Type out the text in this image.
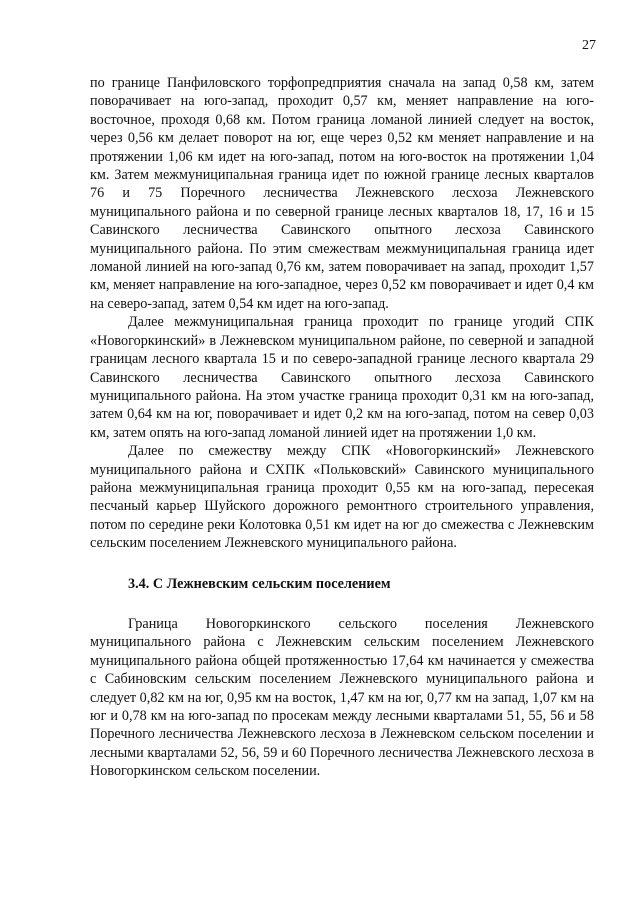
27

по границе Панфиловского торфопредприятия сначала на запад 0,58 км, затем поворачивает на юго-запад, проходит 0,57 км, меняет направление на юго-восточное, проходя 0,68 км. Потом граница ломаной линией следует на восток, через 0,56 км делает поворот на юг, еще через 0,52 км меняет направление и на протяжении 1,06 км идет на юго-запад, потом на юго-восток на протяжении 1,04 км. Затем межмуниципальная граница идет по южной границе лесных кварталов 76 и 75 Поречного лесничества Лежневского лесхоза Лежневского муниципального района и по северной границе лесных кварталов 18, 17, 16 и 15 Савинского лесничества Савинского опытного лесхоза Савинского муниципального района. По этим смежествам межмуниципальная граница идет ломаной линией на юго-запад 0,76 км, затем поворачивает на запад, проходит 1,57 км, меняет направление на юго-западное, через 0,52 км поворачивает и идет 0,4 км на северо-запад, затем 0,54 км идет на юго-запад.

Далее межмуниципальная граница проходит по границе угодий СПК «Новогоркинский» в Лежневском муниципальном районе, по северной и западной границам лесного квартала 15 и по северо-западной границе лесного квартала 29 Савинского лесничества Савинского опытного лесхоза Савинского муниципального района. На этом участке граница проходит 0,31 км на юго-запад, затем 0,64 км на юг, поворачивает и идет 0,2 км на юго-запад, потом на север 0,03 км, затем опять на юго-запад ломаной линией идет на протяжении 1,0 км.

Далее по смежеству между СПК «Новогоркинский» Лежневского муниципального района и СХПК «Польковский» Савинского муниципального района межмуниципальная граница проходит 0,55 км на юго-запад, пересекая песчаный карьер Шуйского дорожного ремонтного строительного управления, потом по середине реки Колотовка 0,51 км идет на юг до смежества с Лежневским сельским поселением Лежневского муниципального района.

3.4. С Лежневским сельским поселением

Граница Новогоркинского сельского поселения Лежневского муниципального района с Лежневским сельским поселением Лежневского муниципального района общей протяженностью 17,64 км начинается у смежества с Сабиновским сельским поселением Лежневского муниципального района и следует 0,82 км на юг, 0,95 км на восток, 1,47 км на юг, 0,77 км на запад, 1,07 км на юг и 0,78 км на юго-запад по просекам между лесными кварталами 51, 55, 56 и 58 Поречного лесничества Лежневского лесхоза в Лежневском сельском поселении и лесными кварталами 52, 56, 59 и 60 Поречного лесничества Лежневского лесхоза в Новогоркинском сельском поселении.
